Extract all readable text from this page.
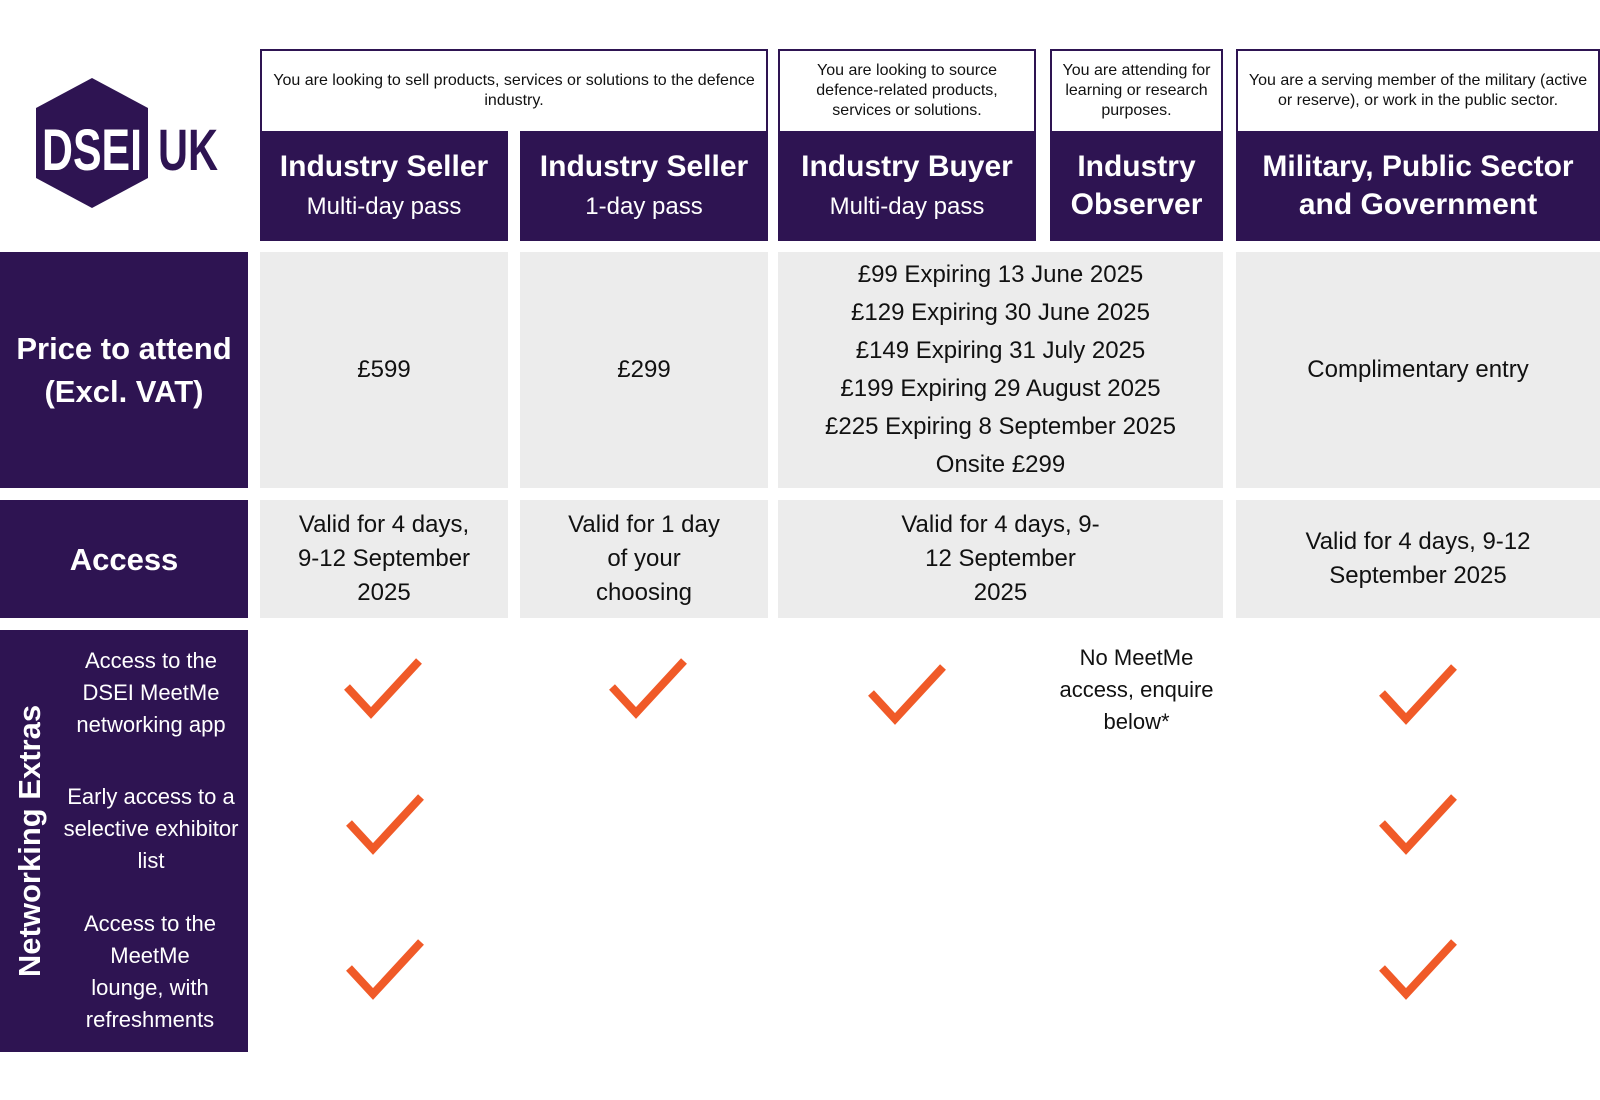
DSEI UK
You are looking to sell products, services or solutions to the defence industry.
You are looking to source defence-related products, services or solutions.
You are attending for learning or research purposes.
You are a serving member of the military (active or reserve), or work in the public sector.
Industry Seller
Multi-day pass
Industry Seller
1-day pass
Industry Buyer
Multi-day pass
Industry Observer
Military, Public Sector and Government
Price to attend (Excl. VAT)
£599	£299
£99 Expiring 13 June 2025
£129 Expiring 30 June 2025
£149 Expiring 31 July 2025
£199 Expiring 29 August 2025
£225 Expiring 8 September 2025
Onsite £299
Complimentary entry
Access
Valid for 4 days, 9-12 September 2025
Valid for 1 day of your choosing
Valid for 4 days, 9-12 September 2025
Valid for 4 days, 9-12 September 2025
Networking Extras
Access to the DSEI MeetMe networking app
Early access to a selective exhibitor list
Access to the MeetMe lounge, with refreshments
No MeetMe access, enquire below*
